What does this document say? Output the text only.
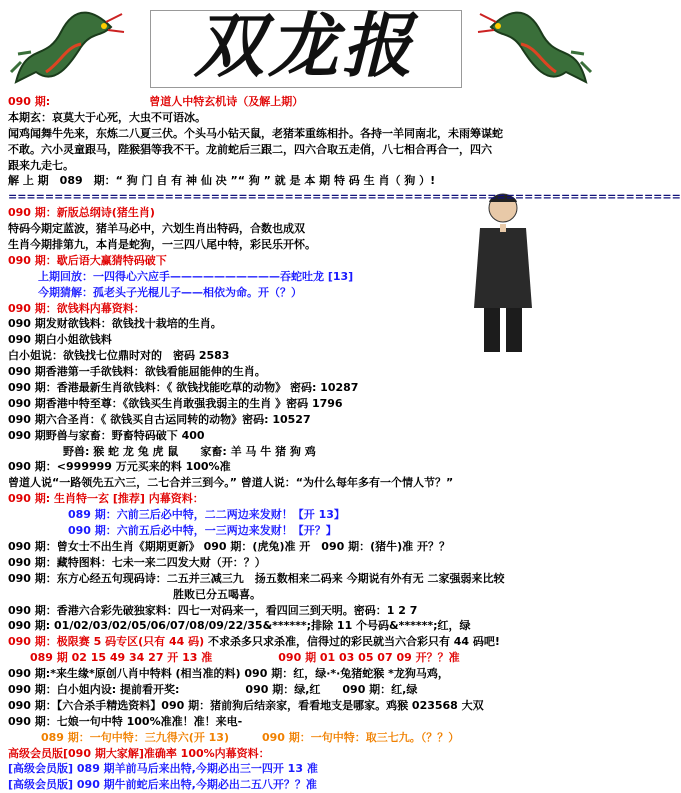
双龙报
090 期:　　　　　　　　　曾道人中特玄机诗（及解上期）
本期玄：哀莫大于心死，大虫不可语冰。
闻鸡闻舞牛先来，东炼二八夏三伏。个头马小钻天鼠，老猪苯重练相扑。各持一羊同南北，未雨筹谋蛇
不敢。六小灵童跟马，陛猴猖等我不干。龙前蛇后三跟二，四六合取五走俏，八七相合再合一，四六
跟来九走七。
解 上 期　089　期：“ 狗 门 自 有 神 仙 决 ”“ 狗 ” 就 是 本 期 特 码 生 肖（ 狗 ）!
=========================================================================
090 期：新版总纲诗(猪生肖)
特码今期定蓝波，猪羊马必中，六划生肖出特码，合数也成双
生肖今期排第九，本肖是蛇狗，一三四八尾中特，彩民乐开怀。
090 期：歇后语大赢猜特码破下
上期回放：一四得心六应手——————————吞蛇吐龙 [13]
今期猜解：孤老头子光棍儿子——相依为命。开（？）
090 期：欲钱料内幕资料：
090 期发财欲钱料：欲钱找十栽培的生肖。
090 期白小姐欲钱料
白小姐说：欲钱找七位鼎时对的　密码 2583
090 期香港第一手欲钱料：欲钱看能屈能伸的生肖。
090 期：香港最新生肖欲钱料：《 欲钱找能吃草的动物》 密码: 10287
090 期香港中特至尊：《欲钱买生肖敢强我弱主的生肖 》密码 1796
090 期六合圣肖：《 欲钱买自古运同转的动物》密码: 10527
090 期野兽与家畜：野畜特码破下 400
　　　　　野兽: 猴 蛇 龙 兔 虎 鼠　　家畜: 羊 马 牛 猪 狗 鸡
090 期：<999999 万元买来的料 100%准
曾道人说“一路领先五六三，二七合并三到今。” 曾道人说：“为什么每年多有一个情人节？”
090 期: 生肖特一玄 [推荐] 内幕资料：
089 期：六前三后必中特，二二两边来发财！【开 13】
090 期：六前五后必中特，一三两边来发财！【开？】
090 期：曾女士不出生肖《期期更新》 090 期：(虎兔)准 开　090 期：(猪牛)准 开？？
090 期：藏特图料：七未一来二四发大财（开：？）
090 期：东方心经五句现码诗：二五并三减三九　扬五数相来二码来 今期说有外有无 二家强弱来比较
　　　　　　　　　　　　　　　胜败已分五喝喜。
090 期：香港六合彩先破独家料：四七一对码来一，看四回三到天明。密码：1 2 7
090 期: 01/02/03/02/05/06/07/08/09/22/35&******;排除 11 个号码&******;红，绿
090 期：极限赛 5 码专区(只有 44 码) 不求杀多只求杀准，信得过的彩民就当六合彩只有 44 码吧!
　　089 期 02 15 49 34 27 开 13 准　　　　　　090 期 01 03 05 07 09 开？？准
090 期:*来生缘*原创八肖中特料 (相当准的料) 090 期：红，绿·*·兔猪蛇猴 *龙狗马鸡，
090 期：白小姐内设: 提前看开奖:　　　　　　090 期：绿,红　　090 期：红,绿
090 期：【六合杀手精选资料】090 期：猪前狗后结亲家，看看地支是哪家。鸡猴 023568 大双
090 期：七娘一句中特 100%准准！准！来电-
　　　089 期：一句中特：三九得六(开 13)　　　090 期：一句中特：取三七九。（？？）
高级会员版[090 期大家解]准确率 100%内幕资料：
[高级会员版] 089 期羊前马后来出特,今期必出三一四开 13 准
[高级会员版] 090 期牛前蛇后来出特,今期必出二五八开？？准
